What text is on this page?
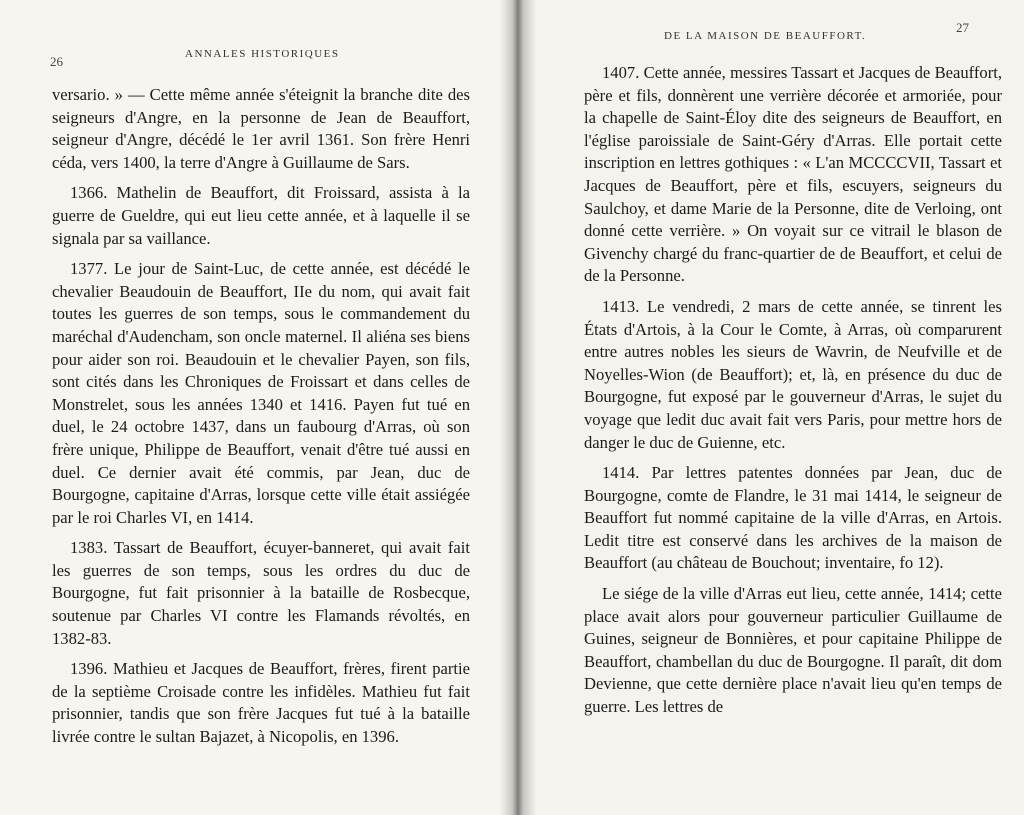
26	ANNALES HISTORIQUES

versario. » — Cette même année s'éteignit la branche dite des seigneurs d'Angre, en la personne de Jean de Beauffort, seigneur d'Angre, décédé le 1er avril 1361. Son frère Henri céda, vers 1400, la terre d'Angre à Guillaume de Sars.

1366. Mathelin de Beauffort, dit Froissard, assista à la guerre de Gueldre, qui eut lieu cette année, et à laquelle il se signala par sa vaillance.

1377. Le jour de Saint-Luc, de cette année, est décédé le chevalier Beaudouin de Beauffort, IIe du nom, qui avait fait toutes les guerres de son temps, sous le commandement du maréchal d'Audencham, son oncle maternel. Il aliéna ses biens pour aider son roi. Beaudouin et le chevalier Payen, son fils, sont cités dans les Chroniques de Froissart et dans celles de Monstrelet, sous les années 1340 et 1416. Payen fut tué en duel, le 24 octobre 1437, dans un faubourg d'Arras, où son frère unique, Philippe de Beauffort, venait d'être tué aussi en duel. Ce dernier avait été commis, par Jean, duc de Bourgogne, capitaine d'Arras, lorsque cette ville était assiégée par le roi Charles VI, en 1414.

1383. Tassart de Beauffort, écuyer-banneret, qui avait fait les guerres de son temps, sous les ordres du duc de Bourgogne, fut fait prisonnier à la bataille de Rosbecque, soutenue par Charles VI contre les Flamands révoltés, en 1382-83.

1396. Mathieu et Jacques de Beauffort, frères, firent partie de la septième Croisade contre les infidèles. Mathieu fut fait prisonnier, tandis que son frère Jacques fut tué à la bataille livrée contre le sultan Bajazet, à Nicopolis, en 1396.

DE LA MAISON DE BEAUFFORT.
27

1407. Cette année, messires Tassart et Jacques de Beauffort, père et fils, donnèrent une verrière décorée et armoriée, pour la chapelle de Saint-Éloy dite des seigneurs de Beauffort, en l'église paroissiale de Saint-Géry d'Arras. Elle portait cette inscription en lettres gothiques : « L'an MCCCCVII, Tassart et Jacques de Beauffort, père et fils, escuyers, seigneurs du Saulchoy, et dame Marie de la Personne, dite de Verloing, ont donné cette verrière. » On voyait sur ce vitrail le blason de Givenchy chargé du franc-quartier de de Beauffort, et celui de de la Personne.

1413. Le vendredi, 2 mars de cette année, se tinrent les États d'Artois, à la Cour le Comte, à Arras, où comparurent entre autres nobles les sieurs de Wavrin, de Neufville et de Noyelles-Wion (de Beauffort); et, là, en présence du duc de Bourgogne, fut exposé par le gouverneur d'Arras, le sujet du voyage que ledit duc avait fait vers Paris, pour mettre hors de danger le duc de Guienne, etc.

1414. Par lettres patentes données par Jean, duc de Bourgogne, comte de Flandre, le 31 mai 1414, le seigneur de Beauffort fut nommé capitaine de la ville d'Arras, en Artois. Ledit titre est conservé dans les archives de la maison de Beauffort (au château de Bouchout; inventaire, fo 12).

Le siége de la ville d'Arras eut lieu, cette année, 1414; cette place avait alors pour gouverneur particulier Guillaume de Guines, seigneur de Bonnières, et pour capitaine Philippe de Beauffort, chambellan du duc de Bourgogne. Il paraît, dit dom Devienne, que cette dernière place n'avait lieu qu'en temps de guerre. Les lettres de
